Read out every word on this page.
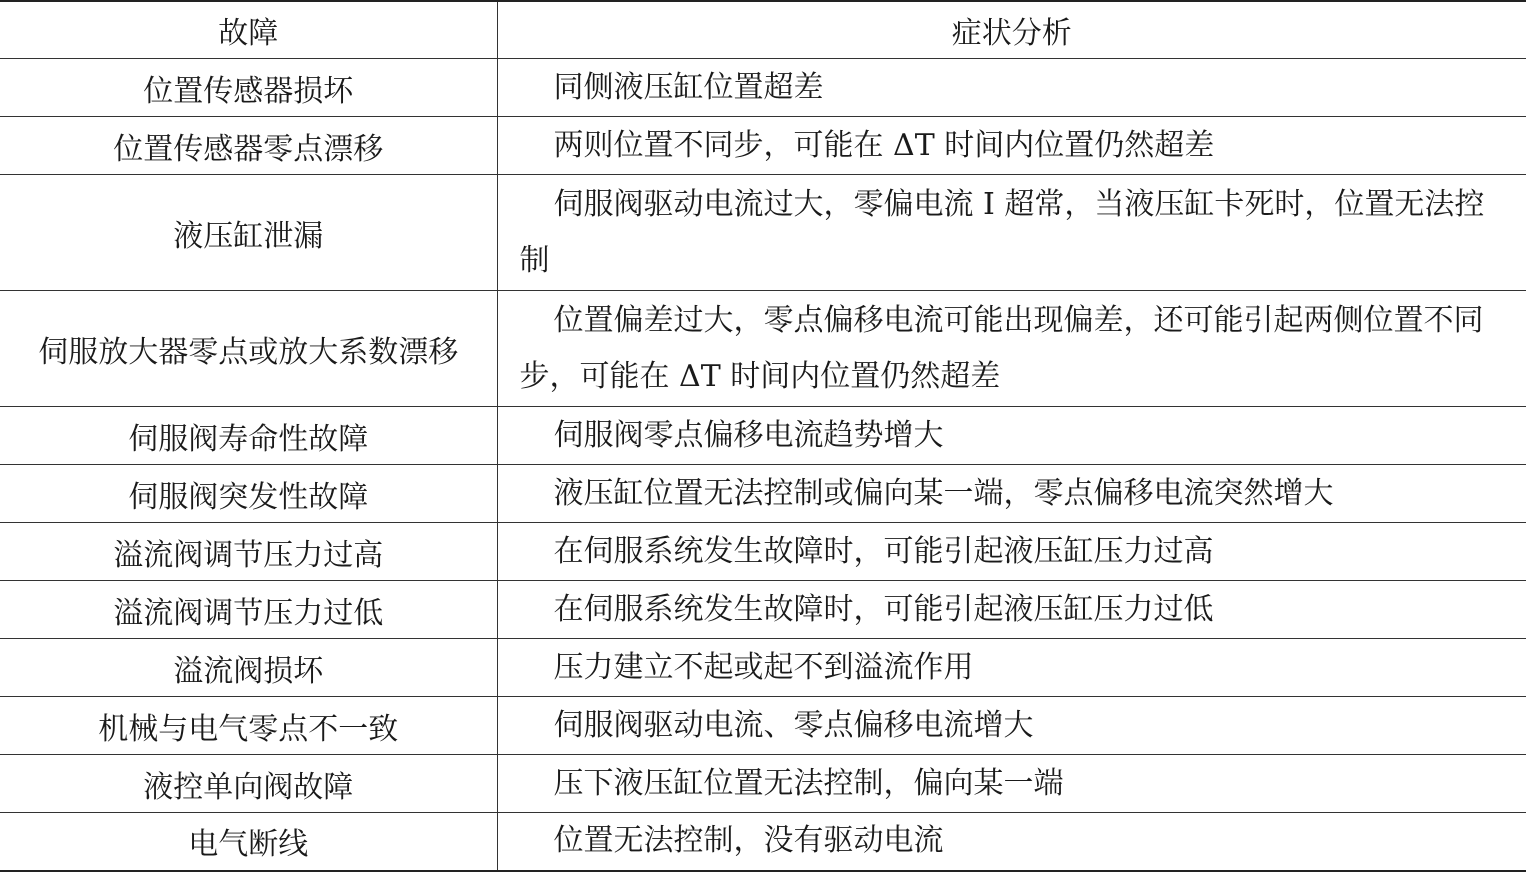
故障	症状分析
位置传感器损坏	同侧液压缸位置超差
位置传感器零点漂移	两则位置不同步，可能在 ΔT 时间内位置仍然超差
液压缸泄漏	伺服阀驱动电流过大，零偏电流 I 超常，当液压缸卡死时，位置无法控制
伺服放大器零点或放大系数漂移	位置偏差过大，零点偏移电流可能出现偏差，还可能引起两侧位置不同步，可能在 ΔT 时间内位置仍然超差
伺服阀寿命性故障	伺服阀零点偏移电流趋势增大
伺服阀突发性故障	液压缸位置无法控制或偏向某一端，零点偏移电流突然增大
溢流阀调节压力过高	在伺服系统发生故障时，可能引起液压缸压力过高
溢流阀调节压力过低	在伺服系统发生故障时，可能引起液压缸压力过低
溢流阀损坏	压力建立不起或起不到溢流作用
机械与电气零点不一致	伺服阀驱动电流、零点偏移电流增大
液控单向阀故障	压下液压缸位置无法控制，偏向某一端
电气断线	位置无法控制，没有驱动电流
